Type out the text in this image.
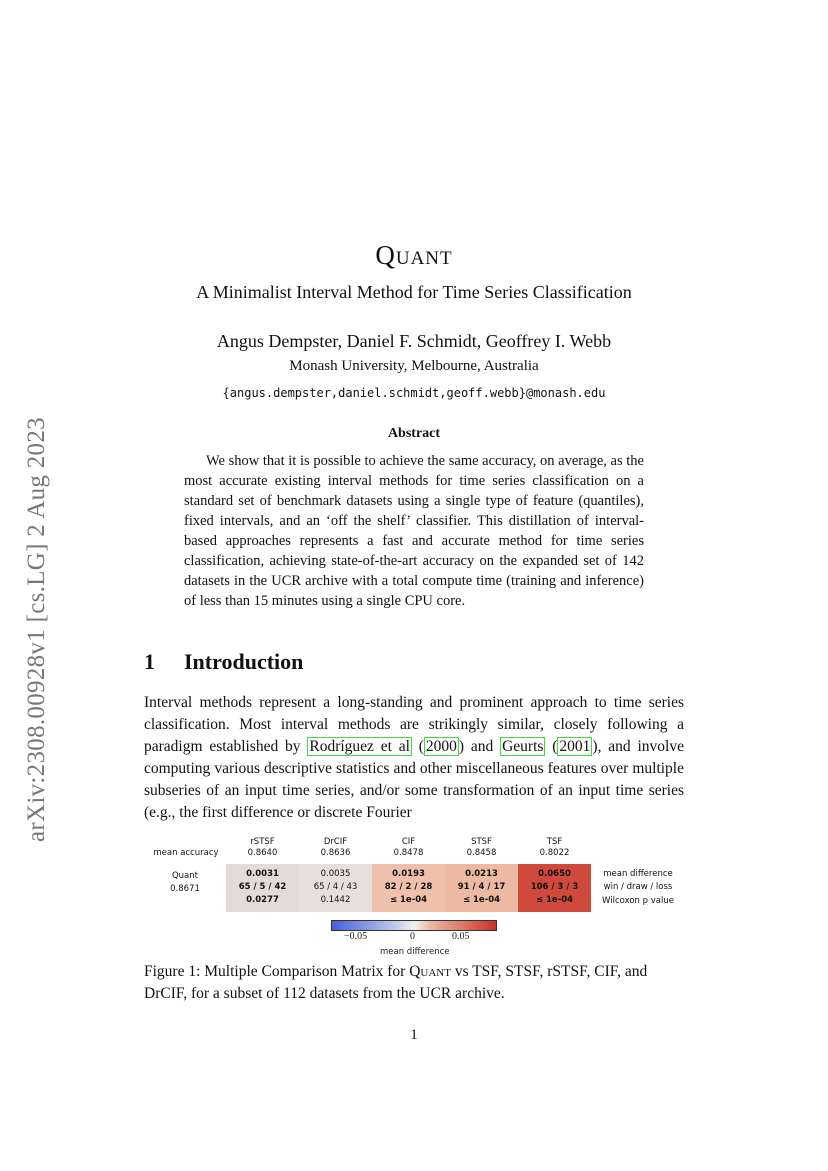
arXiv:2308.00928v1 [cs.LG] 2 Aug 2023
Quant
A Minimalist Interval Method for Time Series Classification
Angus Dempster, Daniel F. Schmidt, Geoffrey I. Webb
Monash University, Melbourne, Australia
{angus.dempster,daniel.schmidt,geoff.webb}@monash.edu
Abstract
We show that it is possible to achieve the same accuracy, on average, as the most accurate existing interval methods for time series classification on a standard set of benchmark datasets using a single type of feature (quantiles), fixed intervals, and an ‘off the shelf’ classifier. This distillation of interval-based approaches represents a fast and accurate method for time series classification, achieving state-of-the-art accuracy on the expanded set of 142 datasets in the UCR archive with a total compute time (training and inference) of less than 15 minutes using a single CPU core.
1 Introduction
Interval methods represent a long-standing and prominent approach to time series classification. Most interval methods are strikingly similar, closely following a paradigm established by Rodríguez et al ( 2000 ) and Geurts ( 2001 ), and involve computing various descriptive statistics and other miscellaneous features over multiple subseries of an input time series, and/or some transformation of an input time series (e.g., the first difference or discrete Fourier
mean accuracy
Quant
0.8671
mean difference
win / draw / loss
Wilcoxon p value
rSTSF
0.8640
0.0031
65 / 5 / 42
0.0277
DrCIF
0.8636
0.0035
65 / 4 / 43
0.1442
CIF
0.8478
0.0193
82 / 2 / 28
≤ 1e-04
STSF
0.8458
0.0213
91 / 4 / 17
≤ 1e-04
TSF
0.8022
0.0650
106 / 3 / 3
≤ 1e-04
−0.05	0	0.05
mean difference
Figure 1: Multiple Comparison Matrix for Quant vs TSF, STSF, rSTSF, CIF, and DrCIF, for a subset of 112 datasets from the UCR archive.
1
